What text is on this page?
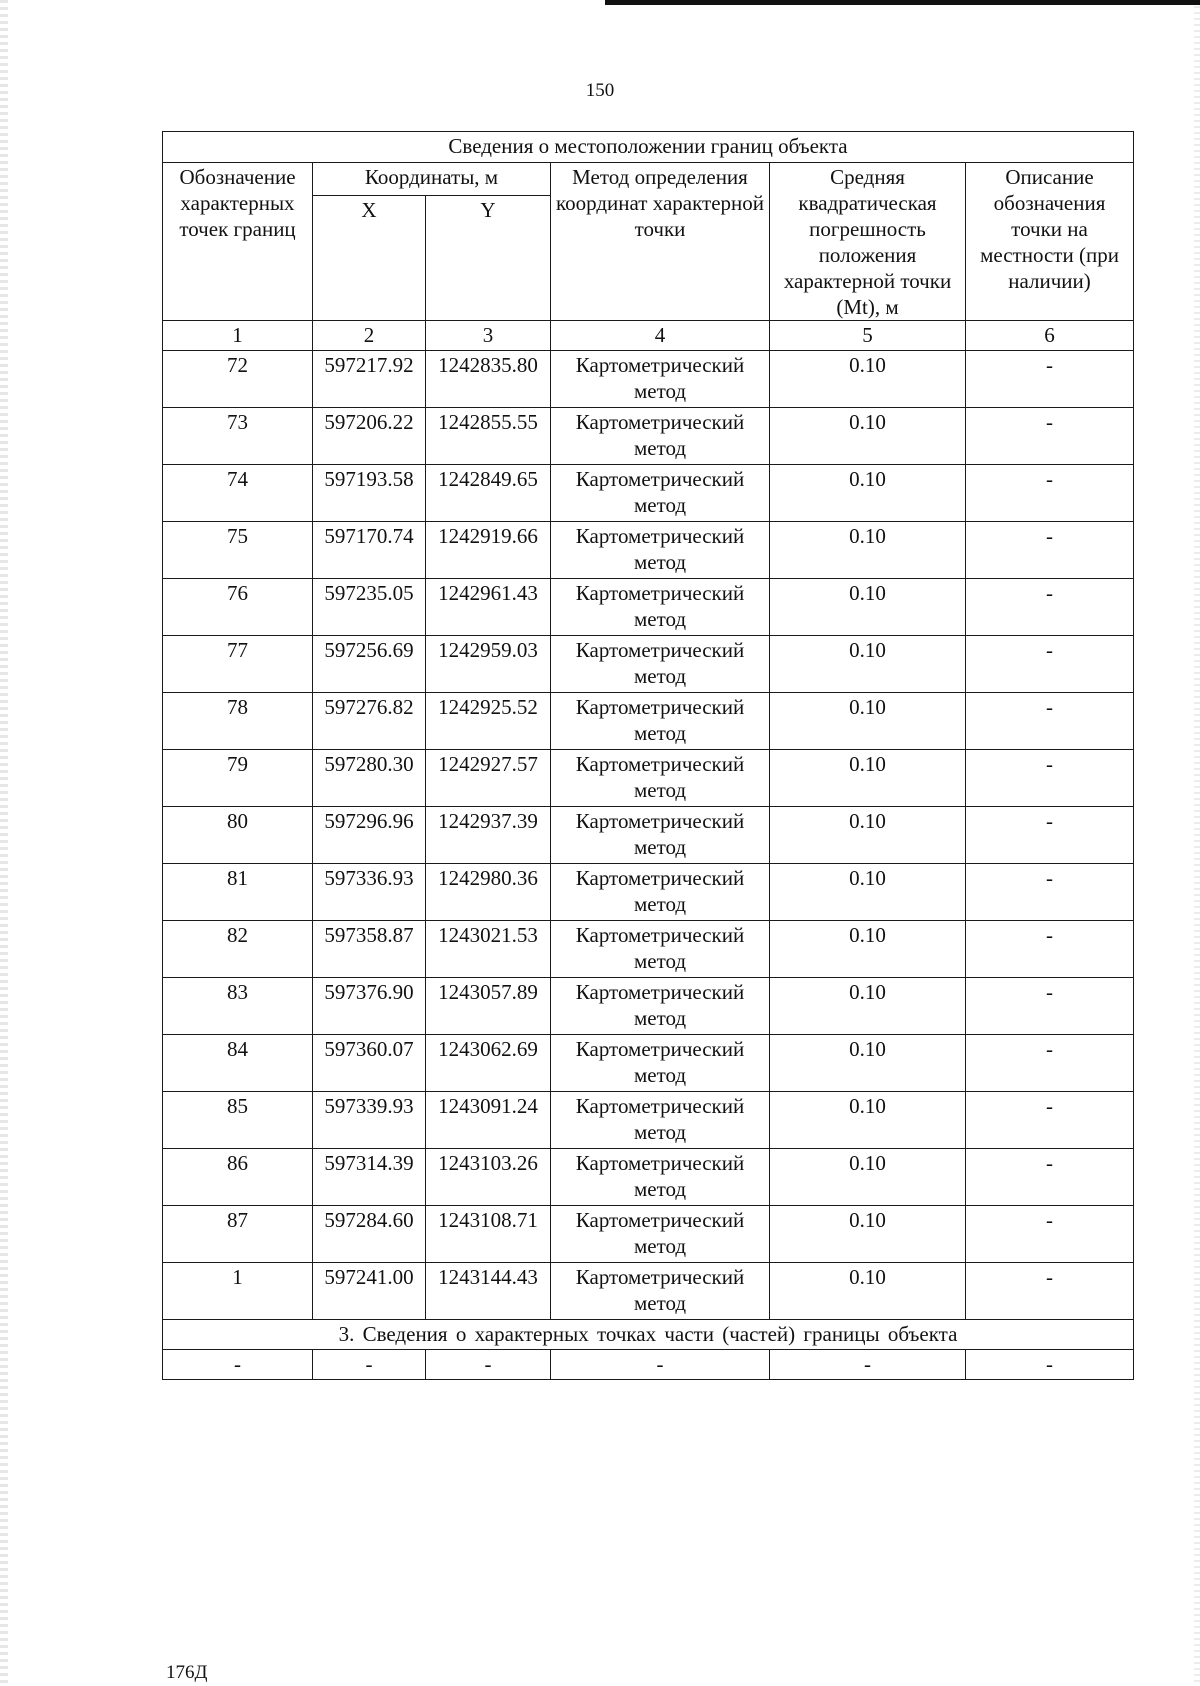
150
Сведения о местоположении границ объекта					
Обозначение характерных точек границ	Координаты, м		Метод определения координат характерной точки	Средняя квадратическая погрешность положения характерной точки (Mt), м	Описание обозначения точки на местности (при наличии)
	X	Y			
1	2	3	4	5	6
72	597217.92	1242835.80	Картометрический метод	0.10	-
73	597206.22	1242855.55	Картометрический метод	0.10	-
74	597193.58	1242849.65	Картометрический метод	0.10	-
75	597170.74	1242919.66	Картометрический метод	0.10	-
76	597235.05	1242961.43	Картометрический метод	0.10	-
77	597256.69	1242959.03	Картометрический метод	0.10	-
78	597276.82	1242925.52	Картометрический метод	0.10	-
79	597280.30	1242927.57	Картометрический метод	0.10	-
80	597296.96	1242937.39	Картометрический метод	0.10	-
81	597336.93	1242980.36	Картометрический метод	0.10	-
82	597358.87	1243021.53	Картометрический метод	0.10	-
83	597376.90	1243057.89	Картометрический метод	0.10	-
84	597360.07	1243062.69	Картометрический метод	0.10	-
85	597339.93	1243091.24	Картометрический метод	0.10	-
86	597314.39	1243103.26	Картометрический метод	0.10	-
87	597284.60	1243108.71	Картометрический метод	0.10	-
1	597241.00	1243144.43	Картометрический метод	0.10	-
3. Сведения о характерных точках части (частей) границы объекта					
-	-	-	-	-	-
176Д
